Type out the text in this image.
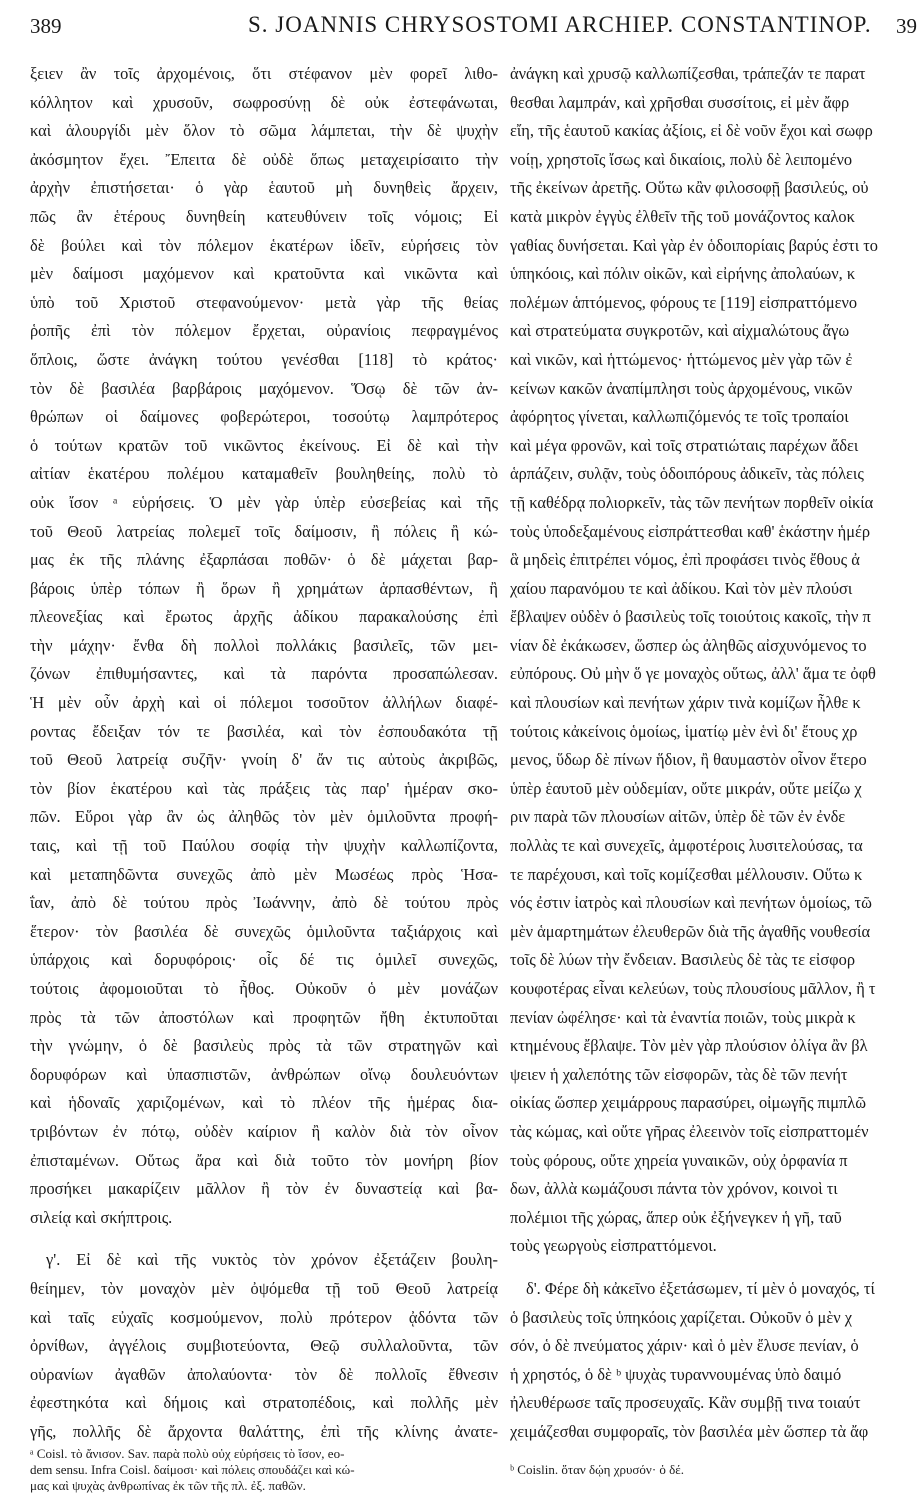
389	S. JOANNIS CHRYSOSTOMI ARCHIEP. CONSTANTINOP. 39
ξειεν ἂν τοῖς ἀρχομένοις, ὅτι στέφανον μὲν φορεῖ λιθο-
κόλλητον καὶ χρυσοῦν, σωφροσύνῃ δὲ οὐκ ἐστεφάνωται,
καὶ ἁλουργίδι μὲν ὅλον τὸ σῶμα λάμπεται, τὴν δὲ ψυχὴν
ἀκόσμητον ἔχει. Ἔπειτα δὲ οὐδὲ ὅπως μεταχειρίσαιτο τὴν
ἀρχὴν ἐπιστήσεται· ὁ γὰρ ἑαυτοῦ μὴ δυνηθεὶς ἄρχειν,
πῶς ἂν ἑτέρους δυνηθείη κατευθύνειν τοῖς νόμοις; Εἰ
δὲ βούλει καὶ τὸν πόλεμον ἑκατέρων ἰδεῖν, εὑρήσεις τὸν
μὲν δαίμοσι μαχόμενον καὶ κρατοῦντα καὶ νικῶντα καὶ
ὑπὸ τοῦ Χριστοῦ στεφανούμενον· μετὰ γὰρ τῆς θείας
ῥοπῆς ἐπὶ τὸν πόλεμον ἔρχεται, οὐρανίοις πεφραγμένος
ὅπλοις, ὥστε ἀνάγκη τούτου γενέσθαι [118] τὸ κράτος·
τὸν δὲ βασιλέα βαρβάροις μαχόμενον. Ὅσῳ δὲ τῶν ἀν-
θρώπων οἱ δαίμονες φοβερώτεροι, τοσούτῳ λαμπρότερος
ὁ τούτων κρατῶν τοῦ νικῶντος ἐκείνους. Εἰ δὲ καὶ τὴν
αἰτίαν ἑκατέρου πολέμου καταμαθεῖν βουληθείης, πολὺ τὸ
οὐκ ἴσον ᵃ εὑρήσεις. Ὁ μὲν γὰρ ὑπὲρ εὐσεβείας καὶ τῆς
τοῦ Θεοῦ λατρείας πολεμεῖ τοῖς δαίμοσιν, ἢ πόλεις ἢ κώ-
μας ἐκ τῆς πλάνης ἐξαρπάσαι ποθῶν· ὁ δὲ μάχεται βαρ-
βάροις ὑπὲρ τόπων ἢ ὅρων ἢ χρημάτων ἁρπασθέντων, ἢ
πλεονεξίας καὶ ἔρωτος ἀρχῆς ἀδίκου παρακαλούσης ἐπὶ
τὴν μάχην· ἔνθα δὴ πολλοὶ πολλάκις βασιλεῖς, τῶν μει-
ζόνων ἐπιθυμήσαντες, καὶ τὰ παρόντα προσαπώλεσαν.
Ἡ μὲν οὖν ἀρχὴ καὶ οἱ πόλεμοι τοσοῦτον ἀλλήλων διαφέ-
ροντας ἔδειξαν τόν τε βασιλέα, καὶ τὸν ἐσπουδακότα τῇ
τοῦ Θεοῦ λατρείᾳ συζῆν· γνοίη δ' ἄν τις αὐτοὺς ἀκριβῶς,
τὸν βίον ἑκατέρου καὶ τὰς πράξεις τὰς παρ' ἡμέραν σκο-
πῶν. Εὕροι γὰρ ἂν ὡς ἀληθῶς τὸν μὲν ὁμιλοῦντα προφή-
ταις, καὶ τῇ τοῦ Παύλου σοφίᾳ τὴν ψυχὴν καλλωπίζοντα,
καὶ μεταπηδῶντα συνεχῶς ἀπὸ μὲν Μωσέως πρὸς Ἡσα-
ΐαν, ἀπὸ δὲ τούτου πρὸς Ἰωάννην, ἀπὸ δὲ τούτου πρὸς
ἕτερον· τὸν βασιλέα δὲ συνεχῶς ὁμιλοῦντα ταξιάρχοις καὶ
ὑπάρχοις καὶ δορυφόροις· οἷς δέ τις ὁμιλεῖ συνεχῶς,
τούτοις ἀφομοιοῦται τὸ ἦθος. Οὐκοῦν ὁ μὲν μονάζων
πρὸς τὰ τῶν ἀποστόλων καὶ προφητῶν ἤθη ἐκτυποῦται
τὴν γνώμην, ὁ δὲ βασιλεὺς πρὸς τὰ τῶν στρατηγῶν καὶ
δορυφόρων καὶ ὑπασπιστῶν, ἀνθρώπων οἴνῳ δουλευόντων
καὶ ἡδοναῖς χαριζομένων, καὶ τὸ πλέον τῆς ἡμέρας δια-
τριβόντων ἐν πότῳ, οὐδὲν καίριον ἢ καλὸν διὰ τὸν οἶνον
ἐπισταμένων. Οὕτως ἄρα καὶ διὰ τοῦτο τὸν μονήρη βίον
προσήκει μακαρίζειν μᾶλλον ἢ τὸν ἐν δυναστείᾳ καὶ βα-
σιλείᾳ καὶ σκήπτροις.
γ'. Εἰ δὲ καὶ τῆς νυκτὸς τὸν χρόνον ἐξετάζειν βουλη-
θείημεν, τὸν μοναχὸν μὲν ὀψόμεθα τῇ τοῦ Θεοῦ λατρείᾳ
καὶ ταῖς εὐχαῖς κοσμούμενον, πολὺ πρότερον ᾀδόντα τῶν
ὀρνίθων, ἀγγέλοις συμβιοτεύοντα, Θεῷ συλλαλοῦντα, τῶν
οὐρανίων ἀγαθῶν ἀπολαύοντα· τὸν δὲ πολλοῖς ἔθνεσιν
ἐφεστηκότα καὶ δήμοις καὶ στρατοπέδοις, καὶ πολλῆς μὲν
γῆς, πολλῆς δὲ ἄρχοντα θαλάττης, ἐπὶ τῆς κλίνης ἀνατε-
ἀνάγκη καὶ χρυσῷ καλλωπίζεσθαι, τράπεζάν τε παρατ
θεσθαι λαμπράν, καὶ χρῆσθαι συσσίτοις, εἰ μὲν ἄφρ
εἴη, τῆς ἑαυτοῦ κακίας ἀξίοις, εἰ δὲ νοῦν ἔχοι καὶ σωφρ
νοίῃ, χρηστοῖς ἴσως καὶ δικαίοις, πολὺ δὲ λειπομένο
τῆς ἐκείνων ἀρετῆς. Οὕτω κἂν φιλοσοφῇ βασιλεύς, οὐ
κατὰ μικρὸν ἐγγὺς ἐλθεῖν τῆς τοῦ μονάζοντος καλοκ
γαθίας δυνήσεται. Καὶ γὰρ ἐν ὁδοιπορίαις βαρύς ἐστι το
ὑπηκόοις, καὶ πόλιν οἰκῶν, καὶ εἰρήνης ἀπολαύων, κ
πολέμων ἁπτόμενος, φόρους τε [119] εἰσπραττόμενο
καὶ στρατεύματα συγκροτῶν, καὶ αἰχμαλώτους ἄγω
καὶ νικῶν, καὶ ἡττώμενος· ἡττώμενος μὲν γὰρ τῶν ἐ
κείνων κακῶν ἀναπίμπλησι τοὺς ἀρχομένους, νικῶν
ἀφόρητος γίνεται, καλλωπιζόμενός τε τοῖς τροπαίοι
καὶ μέγα φρονῶν, καὶ τοῖς στρατιώταις παρέχων ἄδει
ἁρπάζειν, συλᾷν, τοὺς ὁδοιπόρους ἀδικεῖν, τὰς πόλεις
τῇ καθέδρᾳ πολιορκεῖν, τὰς τῶν πενήτων πορθεῖν οἰκία
τοὺς ὑποδεξαμένους εἰσπράττεσθαι καθ' ἑκάστην ἡμέρ
ἃ μηδεὶς ἐπιτρέπει νόμος, ἐπὶ προφάσει τινὸς ἔθους ἀ
χαίου παρανόμου τε καὶ ἀδίκου. Καὶ τὸν μὲν πλούσι
ἔβλαψεν οὐδὲν ὁ βασιλεὺς τοῖς τοιούτοις κακοῖς, τὴν π
νίαν δὲ ἐκάκωσεν, ὥσπερ ὡς ἀληθῶς αἰσχυνόμενος το
εὐπόρους. Οὐ μὴν ὅ γε μοναχὸς οὕτως, ἀλλ' ἅμα τε ὀφθ
καὶ πλουσίων καὶ πενήτων χάριν τινὰ κομίζων ἦλθε κ
τούτοις κἀκείνοις ὁμοίως, ἱματίῳ μὲν ἑνὶ δι' ἔτους χρ
μενος, ὕδωρ δὲ πίνων ἥδιον, ἢ θαυμαστὸν οἶνον ἕτερο
ὑπὲρ ἑαυτοῦ μὲν οὐδεμίαν, οὔτε μικράν, οὔτε μείζω χ
ριν παρὰ τῶν πλουσίων αἰτῶν, ὑπὲρ δὲ τῶν ἐν ἐνδε
πολλὰς τε καὶ συνεχεῖς, ἀμφοτέροις λυσιτελούσας, τα
τε παρέχουσι, καὶ τοῖς κομίζεσθαι μέλλουσιν. Οὕτω κ
νός ἐστιν ἰατρὸς καὶ πλουσίων καὶ πενήτων ὁμοίως, τῶ
μὲν ἁμαρτημάτων ἐλευθερῶν διὰ τῆς ἀγαθῆς νουθεσία
τοῖς δὲ λύων τὴν ἔνδειαν. Βασιλεὺς δὲ τὰς τε εἰσφορ
κουφοτέρας εἶναι κελεύων, τοὺς πλουσίους μᾶλλον, ἢ τ
πενίαν ὠφέλησε· καὶ τὰ ἐναντία ποιῶν, τοὺς μικρὰ κ
κτημένους ἔβλαψε. Τὸν μὲν γὰρ πλούσιον ὀλίγα ἂν βλ
ψειεν ἡ χαλεπότης τῶν εἰσφορῶν, τὰς δὲ τῶν πενήτ
οἰκίας ὥσπερ χειμάρρους παρασύρει, οἰμωγῆς πιμπλῶ
τὰς κώμας, καὶ οὔτε γῆρας ἐλεεινὸν τοῖς εἰσπραττομέν
τοὺς φόρους, οὔτε χηρεία γυναικῶν, οὐχ ὀρφανία π
δων, ἀλλὰ κωμάζουσι πάντα τὸν χρόνον, κοινοὶ τι
πολέμιοι τῆς χώρας, ἅπερ οὐκ ἐξήνεγκεν ἡ γῆ, ταῦ
τοὺς γεωργοὺς εἰσπραττόμενοι.
δ'. Φέρε δὴ κἀκεῖνο ἐξετάσωμεν, τί μὲν ὁ μοναχός, τί
ὁ βασιλεὺς τοῖς ὑπηκόοις χαρίζεται. Οὐκοῦν ὁ μὲν χ
σόν, ὁ δὲ πνεύματος χάριν· καὶ ὁ μὲν ἔλυσε πενίαν, ὁ
ἡ χρηστός, ὁ δὲ ᵇ ψυχὰς τυραννουμένας ὑπὸ δαιμό
ἠλευθέρωσε ταῖς προσευχαῖς. Κἂν συμβῇ τινα τοιαύτ
χειμάζεσθαι συμφοραῖς, τὸν βασιλέα μὲν ὥσπερ τὰ ἄφ
ᵃ Coisl. τὸ ἄνισον. Sav. παρὰ πολὺ οὐχ εὑρήσεις τὸ ἴσον, eo-
dem sensu. Infra Coisl. δαίμοσι· καὶ πόλεις σπουδάζει καὶ κώ-
μας καὶ ψυχὰς ἀνθρωπίνας ἐκ τῶν τῆς πλ. ἐξ. παθῶν.
ᵇ Coislin. ὅταν δῴη χρυσόν· ὁ δέ.
